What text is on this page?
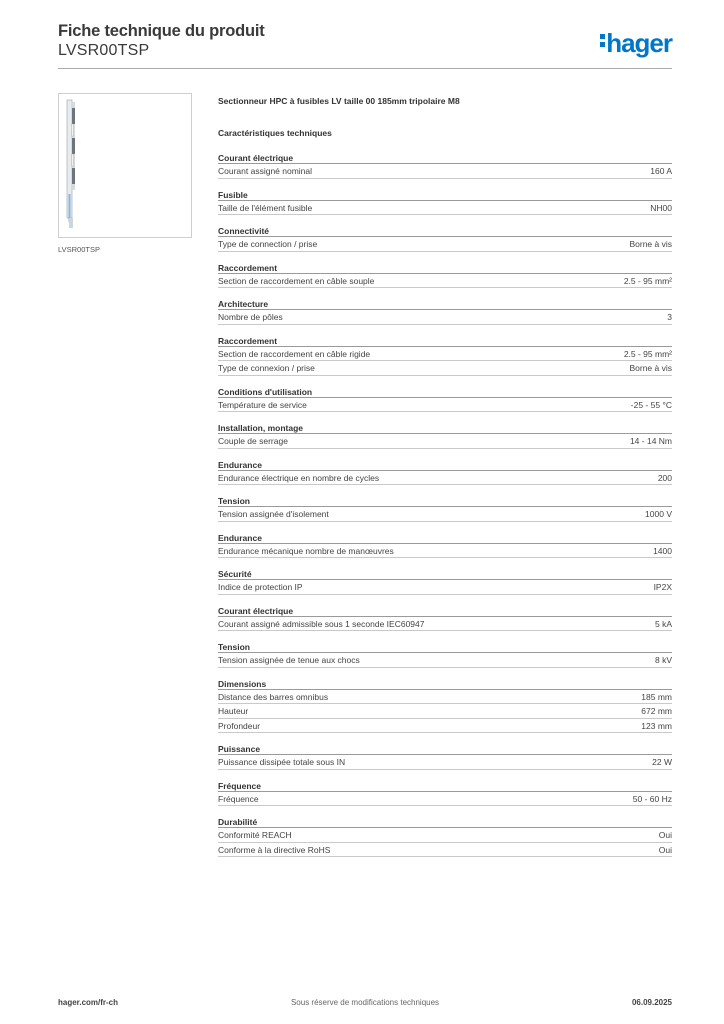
Fiche technique du produit
LVSR00TSP	hager
LVSR00TSP
Sectionneur HPC à fusibles LV taille 00 185mm tripolaire M8
Caractéristiques techniques
Courant électrique
Courant assigné nominal	160 A
Fusible
Taille de l'élément fusible	NH00
Connectivité
Type de connection / prise	Borne à vis
Raccordement
Section de raccordement en câble souple	2.5 - 95 mm²
Architecture
Nombre de pôles	3
Raccordement
Section de raccordement en câble rigide	2.5 - 95 mm²
Type de connexion / prise	Borne à vis
Conditions d'utilisation
Température de service	-25 - 55 °C
Installation, montage
Couple de serrage	14 - 14 Nm
Endurance
Endurance électrique en nombre de cycles	200
Tension
Tension assignée d'isolement	1000 V
Endurance
Endurance mécanique nombre de manœuvres	1400
Sécurité
Indice de protection IP	IP2X
Courant électrique
Courant assigné admissible sous 1 seconde IEC60947	5 kA
Tension
Tension assignée de tenue aux chocs	8 kV
Dimensions
Distance des barres omnibus	185 mm
Hauteur	672 mm
Profondeur	123 mm
Puissance
Puissance dissipée totale sous IN	22 W
Fréquence
Fréquence	50 - 60 Hz
Durabilité
Conformité REACH	Oui
Conforme à la directive RoHS	Oui
hager.com/fr-ch	Sous réserve de modifications techniques	06.09.2025
